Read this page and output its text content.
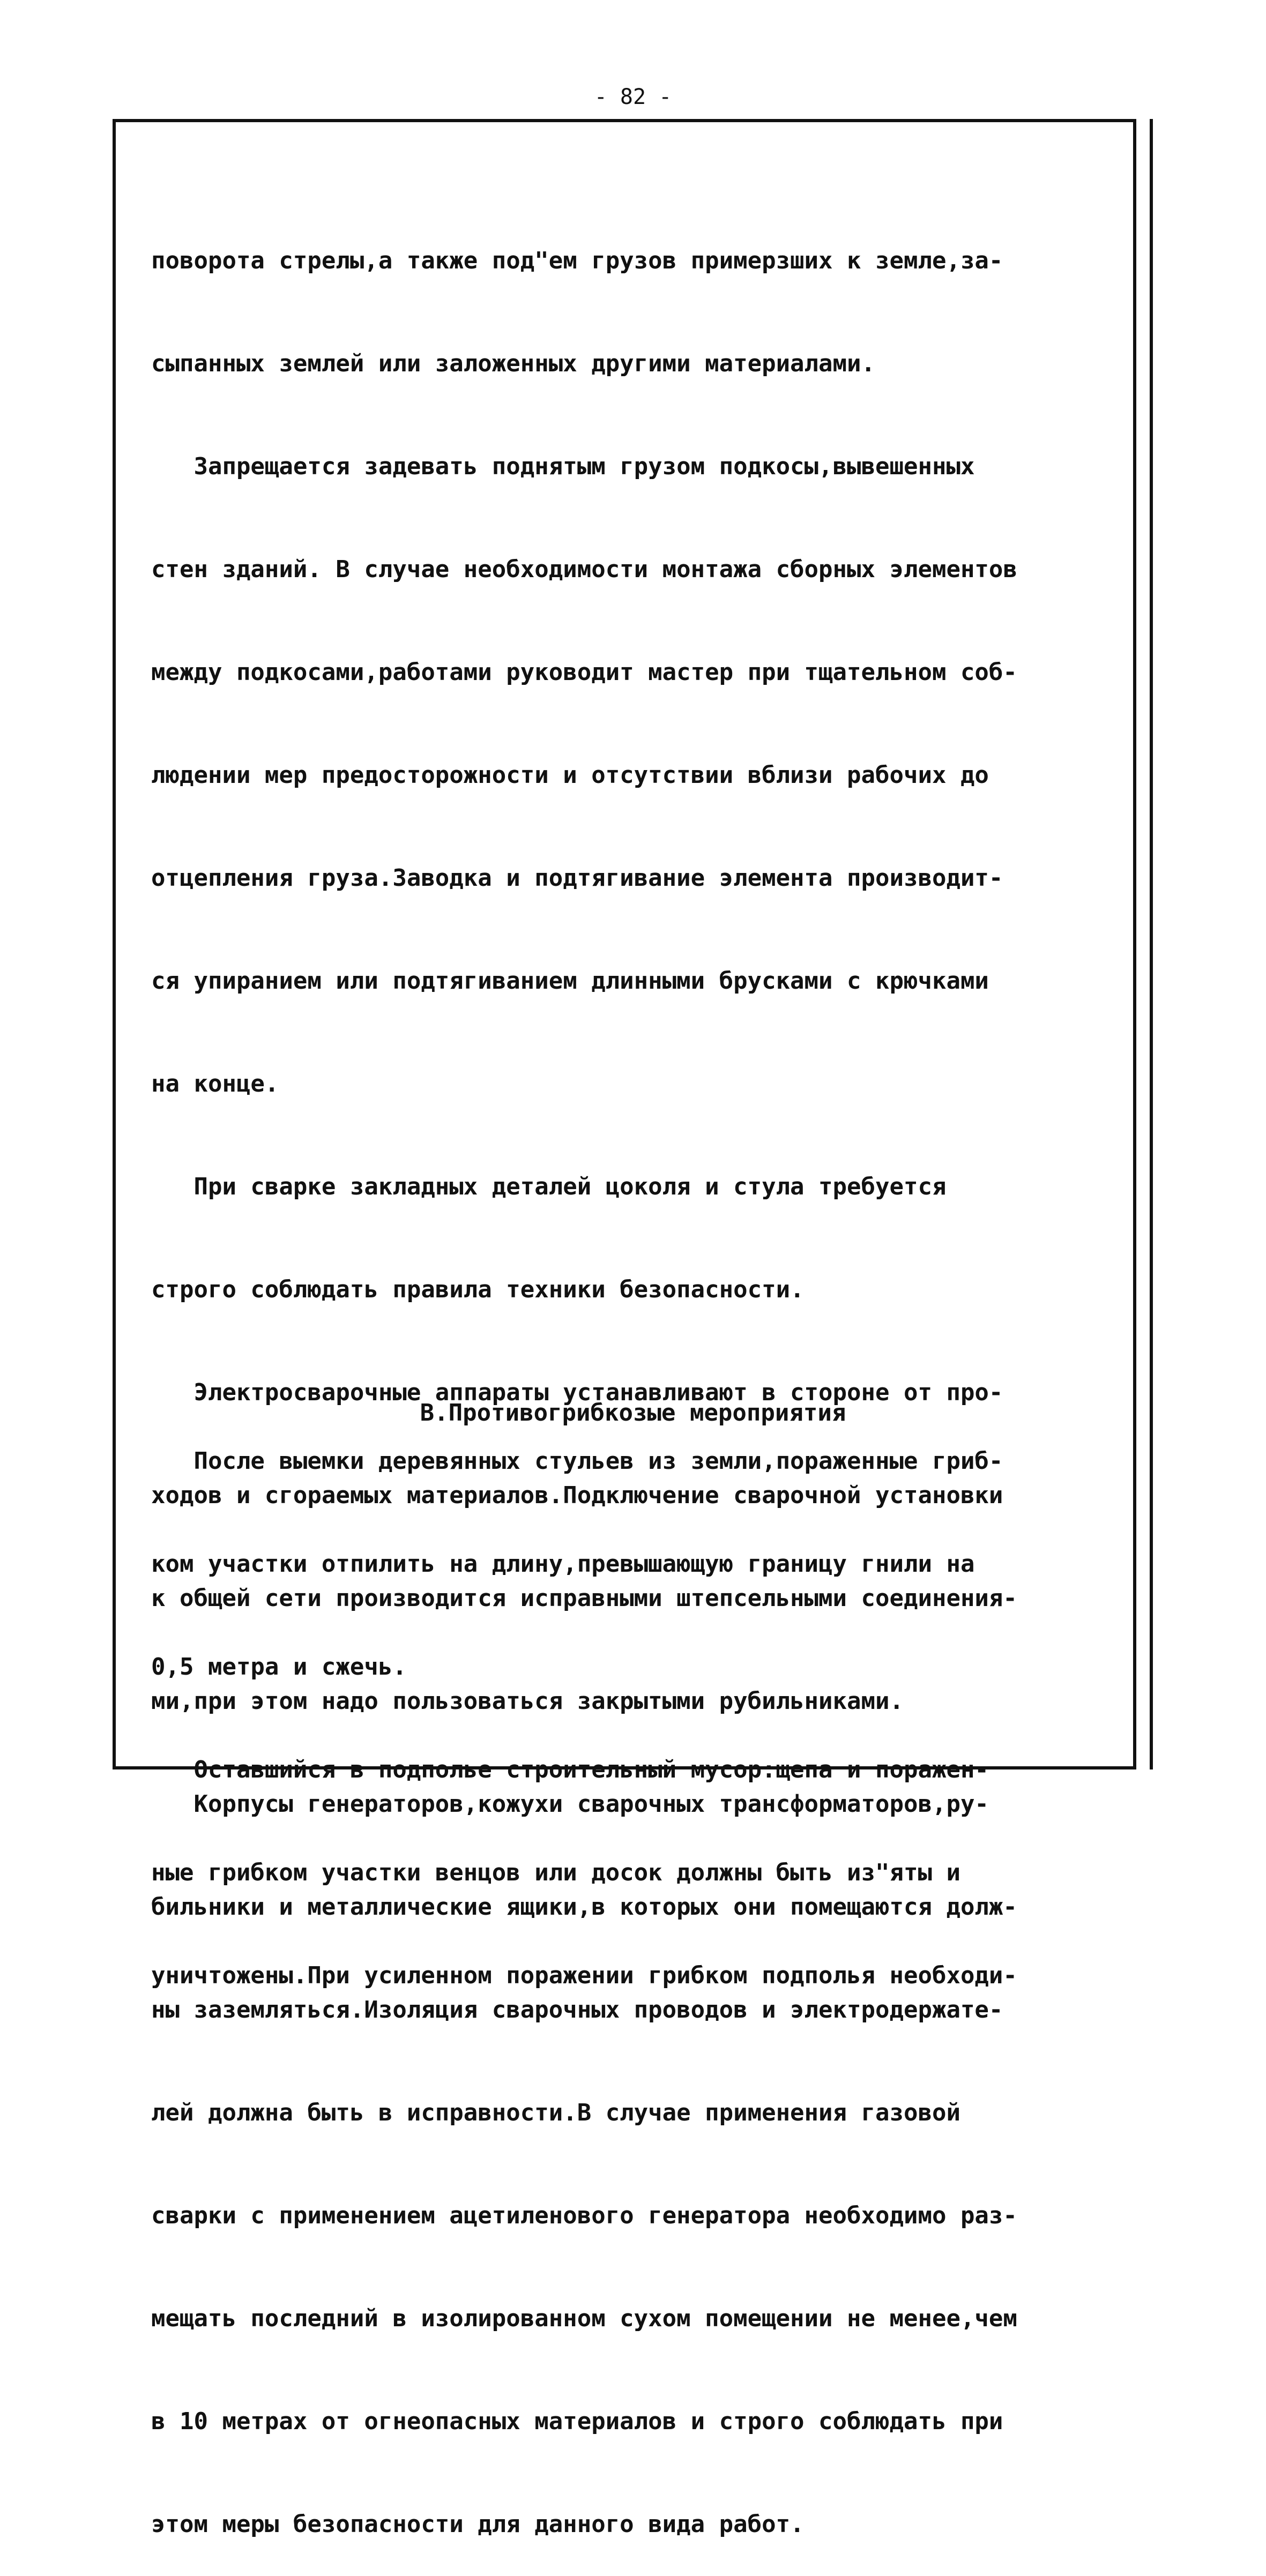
- 82 -

поворота стрелы,а также под"ем грузов примерзших к земле,за-

сыпанных землей или заложенных другими материалами.

Запрещается задевать поднятым грузом подкосы,вывешенных

стен зданий. В случае необходимости монтажа сборных элементов

между подкосами,работами руководит мастер при тщательном соб-

людении мер предосторожности и отсутствии вблизи рабочих до

отцепления груза.Заводка и подтягивание элемента производит-

ся упиранием или подтягиванием длинными брусками с крючками

на конце.

При сварке закладных деталей цоколя и стула требуется

строго соблюдать правила техники безопасности.

Электросварочные аппараты устанавливают в стороне от про-

ходов и сгораемых материалов.Подключение сварочной установки

к общей сети производится исправными штепсельными соединения-

ми,при этом надо пользоваться закрытыми рубильниками.

Корпусы генераторов,кожухи сварочных трансформаторов,ру-

бильники и металлические ящики,в которых они помещаются долж-

ны заземляться.Изоляция сварочных проводов и электродержате-

лей должна быть в исправности.В случае применения газовой

сварки с применением ацетиленового генератора необходимо раз-

мещать последний в изолированном сухом помещении не менее,чем

в 10 метрах от огнеопасных материалов и строго соблюдать при

этом меры безопасности для данного вида работ.

В.Противогрибкозые мероприятия

После выемки деревянных стульев из земли,пораженные гриб-

ком участки отпилить на длину,превышающую границу гнили на

0,5 метра и сжечь.

Оставшийся в подполье строительный мусор:щепа и поражен-

ные грибком участки венцов или досок должны быть из"яты и

уничтожены.При усиленном поражении грибком подполья необходи-
